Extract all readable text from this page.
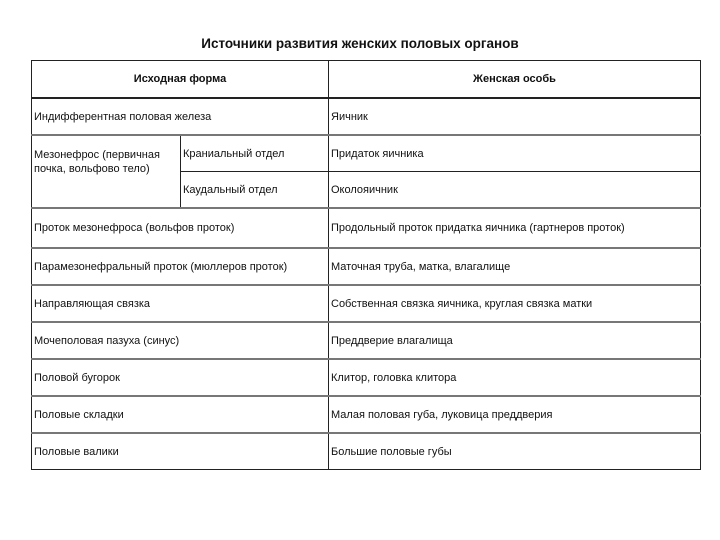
Источники развития женских половых органов
Исходная форма		Женская особь
Индифферентная половая железа		Яичник
Мезонефрос (первичная почка, вольфово тело)	Краниальный отдел	Придаток яичника
	Каудальный отдел	Околояичник
Проток мезонефроса (вольфов проток)		Продольный проток придатка яичника (гартнеров проток)
Парамезонефральный проток (мюллеров проток)		Маточная труба, матка, влагалище
Направляющая связка		Собственная связка яичника, круглая связка матки
Мочеполовая пазуха (синус)		Преддверие влагалища
Половой бугорок		Клитор, головка клитора
Половые складки		Малая половая губа, луковица преддверия
Половые валики		Большие половые губы
